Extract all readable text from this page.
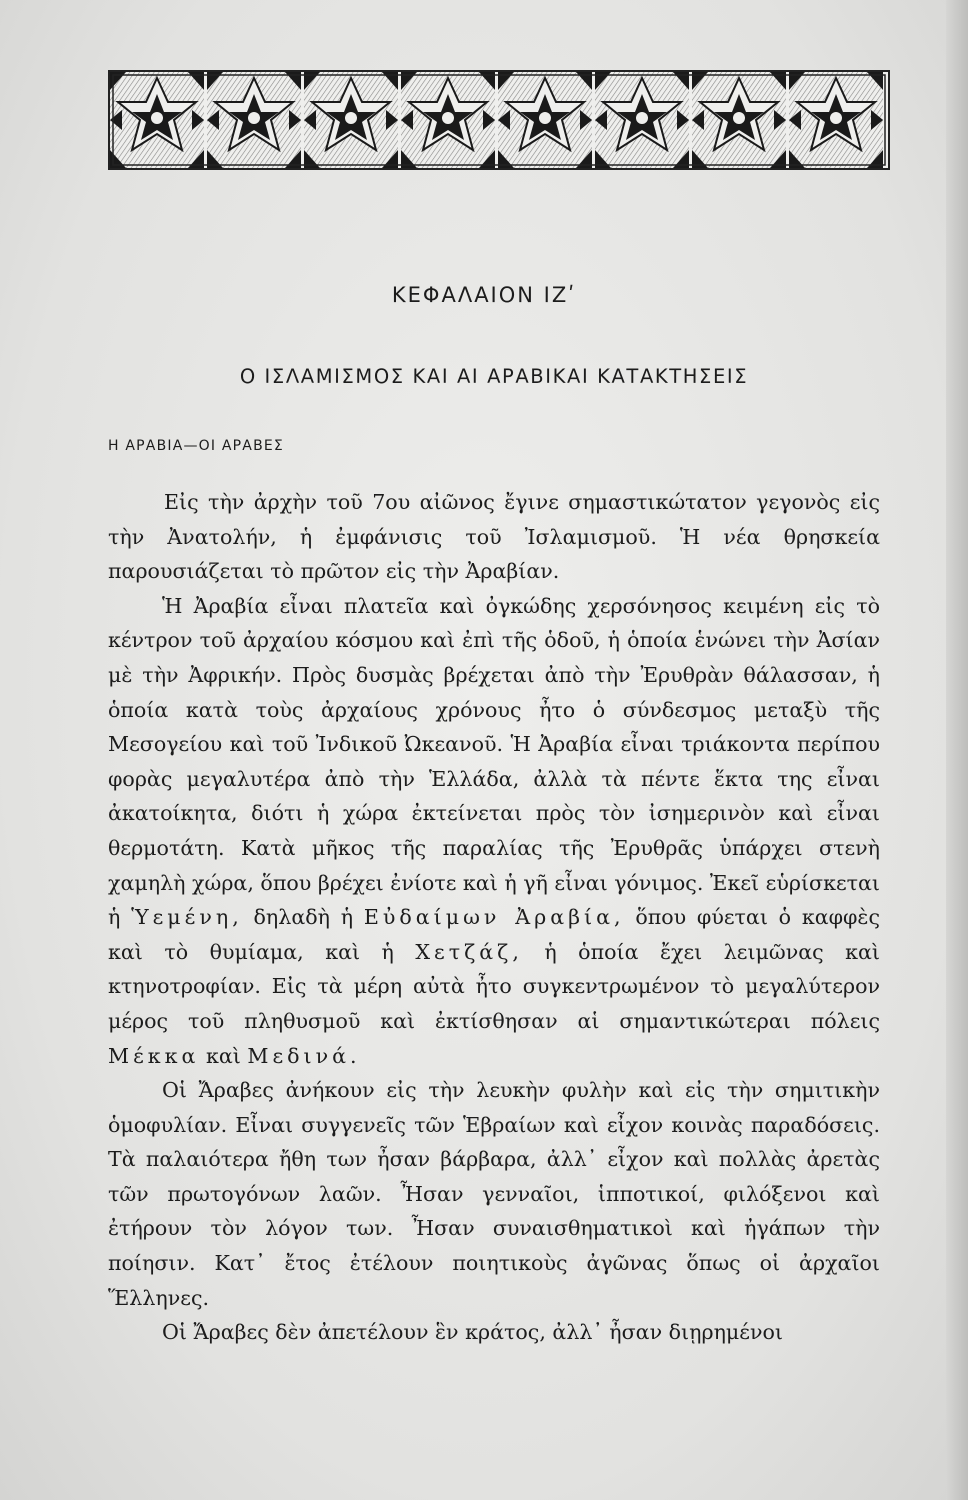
ΚΕΦΑΛΑΙΟΝ ΙΖʹ
Ο ΙΣΛΑΜΙΣΜΟΣ ΚΑΙ ΑΙ ΑΡΑΒΙΚΑΙ ΚΑΤΑΚΤΗΣΕΙΣ
Η ΑΡΑΒΙΑ—ΟΙ ΑΡΑΒΕΣ

Εἰς τὴν ἀρχὴν τοῦ 7ου αἰῶνος ἔγινε σημαστικώτατον γεγονὸς εἰς τὴν Ἀνατολήν, ἡ ἐμφάνισις τοῦ Ἰσλαμισμοῦ. Ἡ νέα θρησκεία παρουσιάζεται τὸ πρῶτον εἰς τὴν Ἀραβίαν.

Ἡ Ἀραβία εἶναι πλατεῖα καὶ ὀγκώδης χερσόνησος κειμένη εἰς τὸ κέντρον τοῦ ἀρχαίου κόσμου καὶ ἐπὶ τῆς ὁδοῦ, ἡ ὁποία ἑνώνει τὴν Ἀσίαν μὲ τὴν Ἀφρικήν. Πρὸς δυσμὰς βρέχεται ἀπὸ τὴν Ἐρυθρὰν θάλασσαν, ἡ ὁποία κατὰ τοὺς ἀρχαίους χρόνους ἦτο ὁ σύνδεσμος μεταξὺ τῆς Μεσογείου καὶ τοῦ Ἰνδικοῦ Ὠκεανοῦ. Ἡ Ἀραβία εἶναι τριάκοντα περίπου φορὰς μεγαλυτέρα ἀπὸ τὴν Ἑλλάδα, ἀλλὰ τὰ πέντε ἕκτα της εἶναι ἀκατοίκητα, διότι ἡ χώρα ἐκτείνεται πρὸς τὸν ἰσημερινὸν καὶ εἶναι θερμοτάτη. Κατὰ μῆκος τῆς παραλίας τῆς Ἐρυθρᾶς ὑπάρχει στενὴ χαμηλὴ χώρα, ὅπου βρέχει ἐνίοτε καὶ ἡ γῆ εἶναι γόνιμος. Ἐκεῖ εὑρίσκεται ἡ Ὑεμένη, δηλαδὴ ἡ Εὐδαίμων Ἀραβία, ὅπου φύεται ὁ καφφὲς καὶ τὸ θυμίαμα, καὶ ἡ Χετζάζ, ἡ ὁποία ἔχει λειμῶνας καὶ κτηνοτροφίαν. Εἰς τὰ μέρη αὐτὰ ἦτο συγκεντρωμένον τὸ μεγαλύτερον μέρος τοῦ πληθυσμοῦ καὶ ἐκτίσθησαν αἱ σημαντικώτεραι πόλεις Μέκκα καὶ Μεδινά.

Οἱ Ἄραβες ἀνήκουν εἰς τὴν λευκὴν φυλὴν καὶ εἰς τὴν σημιτικὴν ὁμοφυλίαν. Εἶναι συγγενεῖς τῶν Ἑβραίων καὶ εἶχον κοινὰς παραδόσεις. Τὰ παλαιότερα ἤθη των ἦσαν βάρβαρα, ἀλλ᾽ εἶχον καὶ πολλὰς ἀρετὰς τῶν πρωτογόνων λαῶν. Ἦσαν γενναῖοι, ἱπποτικοί, φιλόξενοι καὶ ἐτήρουν τὸν λόγον των. Ἦσαν συναισθηματικοὶ καὶ ἠγάπων τὴν ποίησιν. Κατ᾽ ἔτος ἐτέλουν ποιητικοὺς ἀγῶνας ὅπως οἱ ἀρχαῖοι Ἕλληνες.

Οἱ Ἄραβες δὲν ἀπετέλουν ἓν κράτος, ἀλλ᾽ ἦσαν διῃρημένοι
